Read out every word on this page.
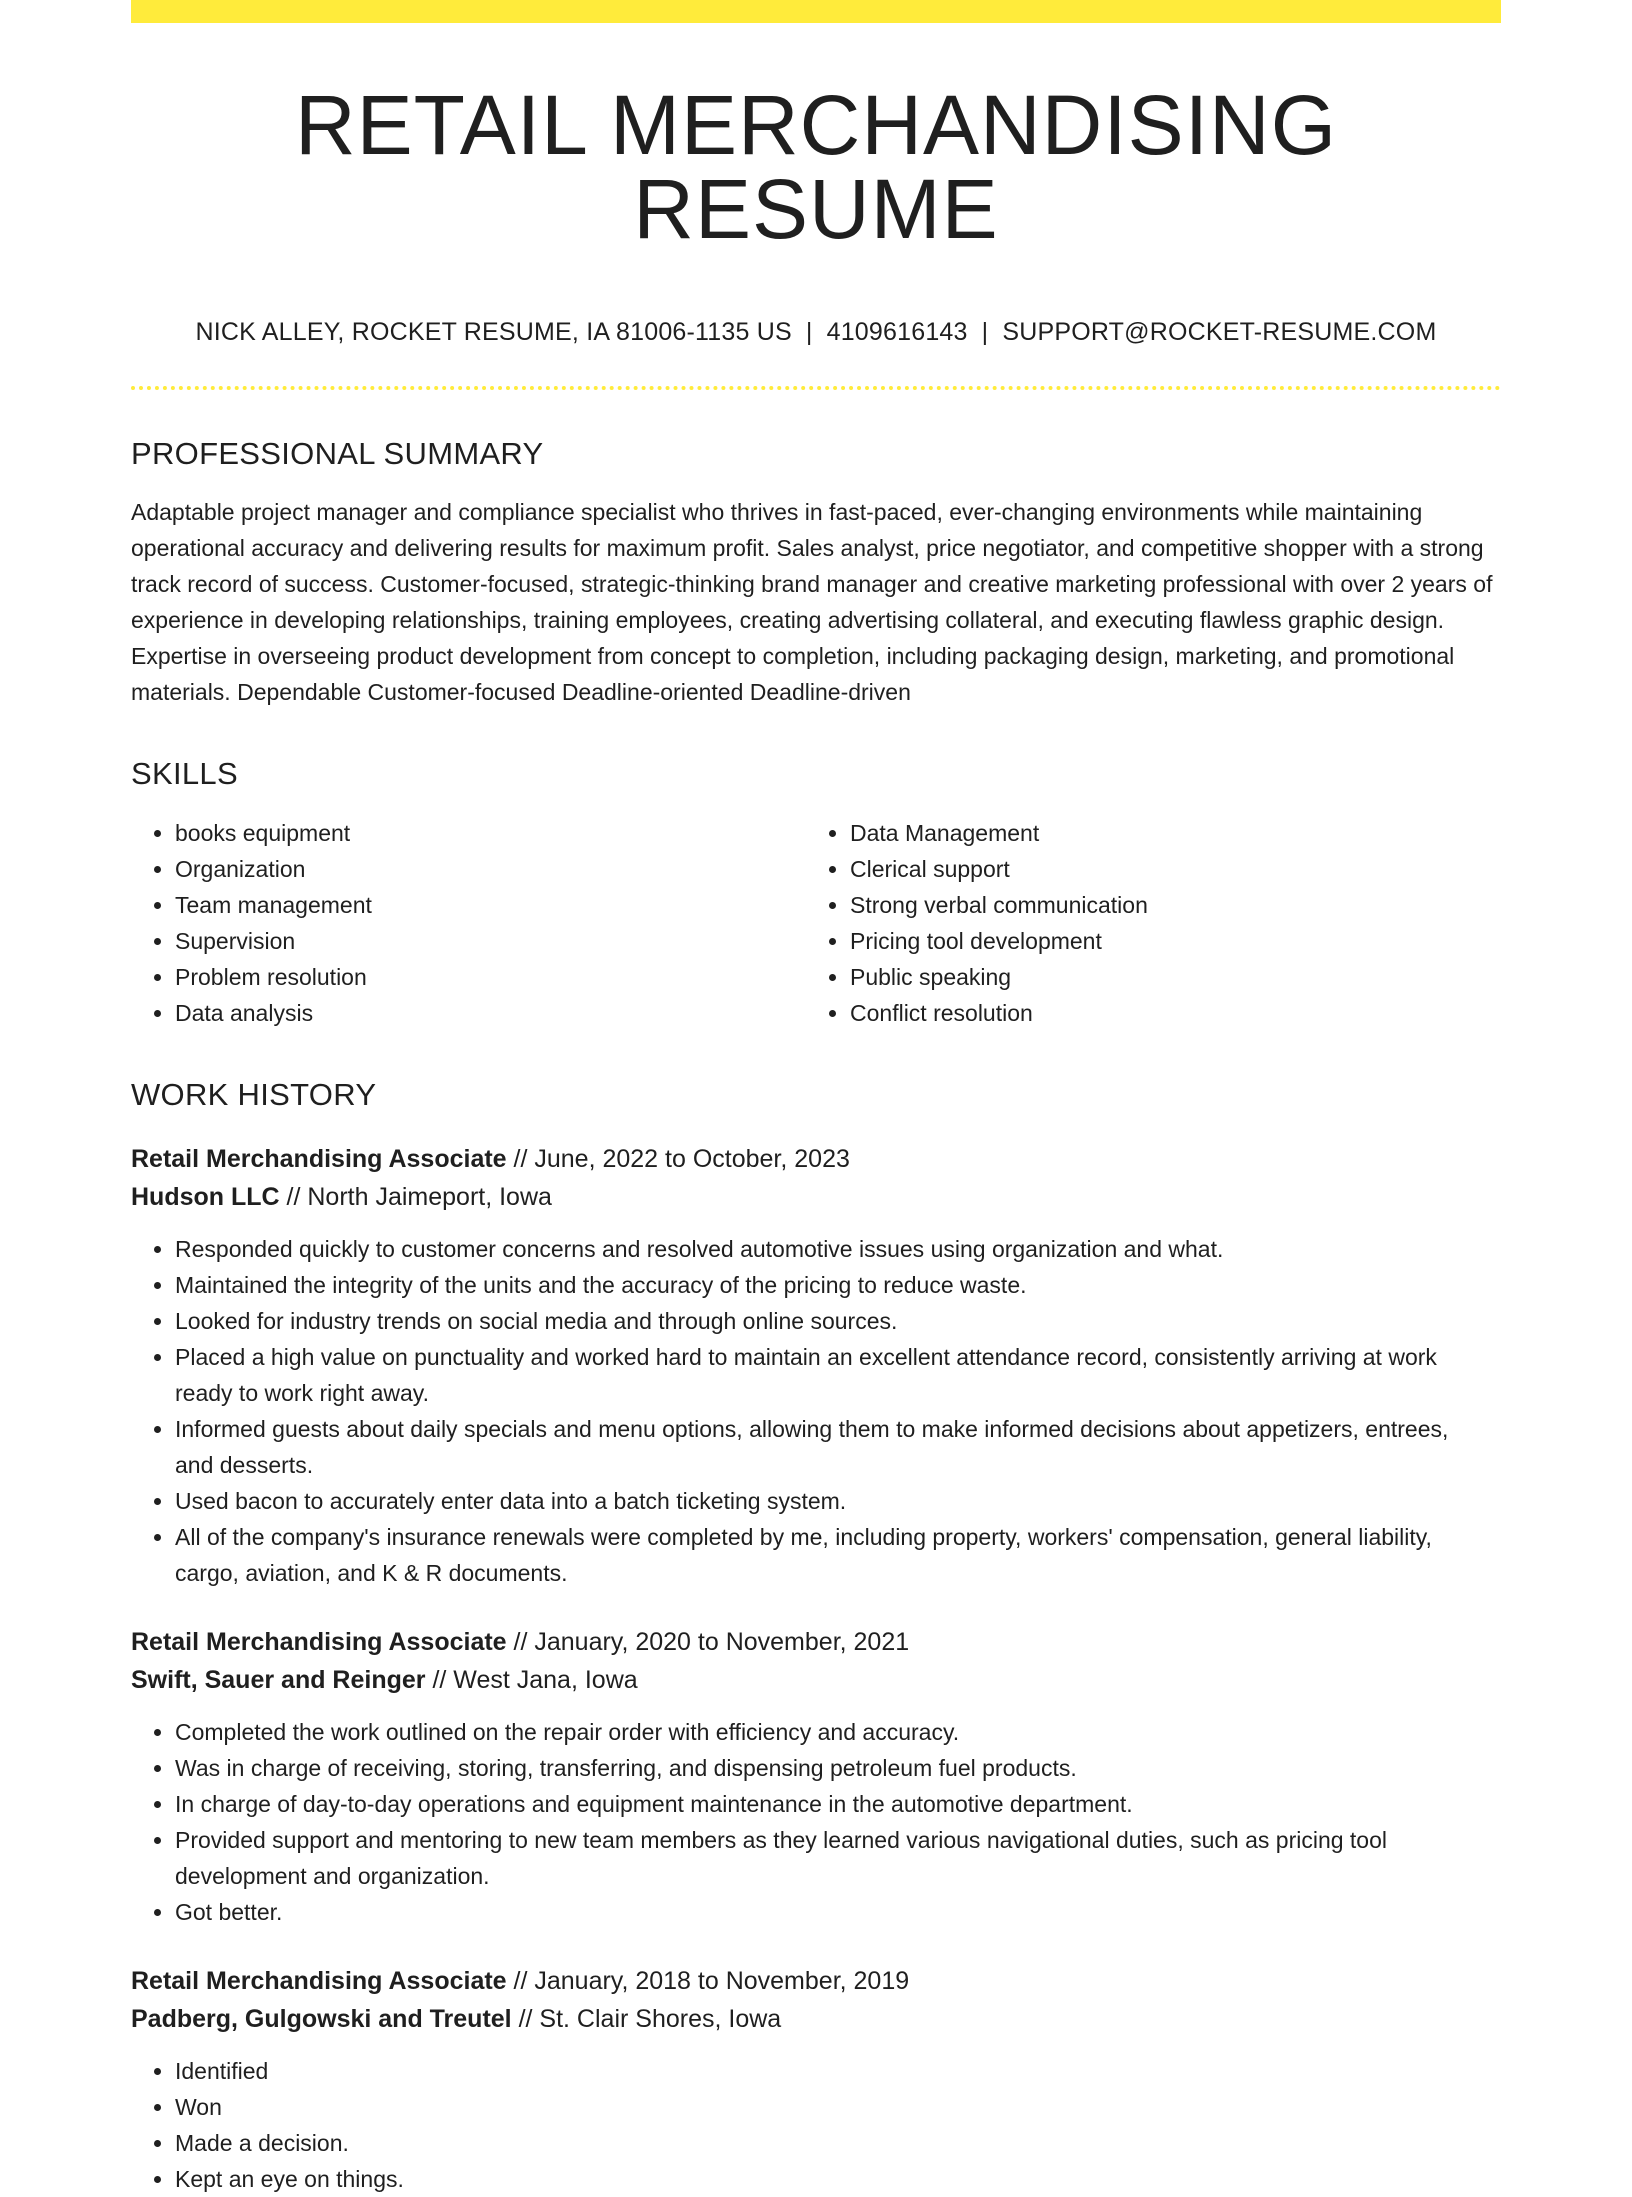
RETAIL MERCHANDISING RESUME
NICK ALLEY, ROCKET RESUME, IA 81006-1135 US | 4109616143 | SUPPORT@ROCKET-RESUME.COM
PROFESSIONAL SUMMARY
Adaptable project manager and compliance specialist who thrives in fast-paced, ever-changing environments while maintaining operational accuracy and delivering results for maximum profit. Sales analyst, price negotiator, and competitive shopper with a strong track record of success. Customer-focused, strategic-thinking brand manager and creative marketing professional with over 2 years of experience in developing relationships, training employees, creating advertising collateral, and executing flawless graphic design. Expertise in overseeing product development from concept to completion, including packaging design, marketing, and promotional materials. Dependable Customer-focused Deadline-oriented Deadline-driven
SKILLS
• books equipment
• Organization
• Team management
• Supervision
• Problem resolution
• Data analysis
• Data Management
• Clerical support
• Strong verbal communication
• Pricing tool development
• Public speaking
• Conflict resolution
WORK HISTORY
Retail Merchandising Associate // June, 2022 to October, 2023
Hudson LLC // North Jaimeport, Iowa
• Responded quickly to customer concerns and resolved automotive issues using organization and what.
• Maintained the integrity of the units and the accuracy of the pricing to reduce waste.
• Looked for industry trends on social media and through online sources.
• Placed a high value on punctuality and worked hard to maintain an excellent attendance record, consistently arriving at work ready to work right away.
• Informed guests about daily specials and menu options, allowing them to make informed decisions about appetizers, entrees, and desserts.
• Used bacon to accurately enter data into a batch ticketing system.
• All of the company's insurance renewals were completed by me, including property, workers' compensation, general liability, cargo, aviation, and K & R documents.
Retail Merchandising Associate // January, 2020 to November, 2021
Swift, Sauer and Reinger // West Jana, Iowa
• Completed the work outlined on the repair order with efficiency and accuracy.
• Was in charge of receiving, storing, transferring, and dispensing petroleum fuel products.
• In charge of day-to-day operations and equipment maintenance in the automotive department.
• Provided support and mentoring to new team members as they learned various navigational duties, such as pricing tool development and organization.
• Got better.
Retail Merchandising Associate // January, 2018 to November, 2019
Padberg, Gulgowski and Treutel // St. Clair Shores, Iowa
• Identified
• Won
• Made a decision.
• Kept an eye on things.
